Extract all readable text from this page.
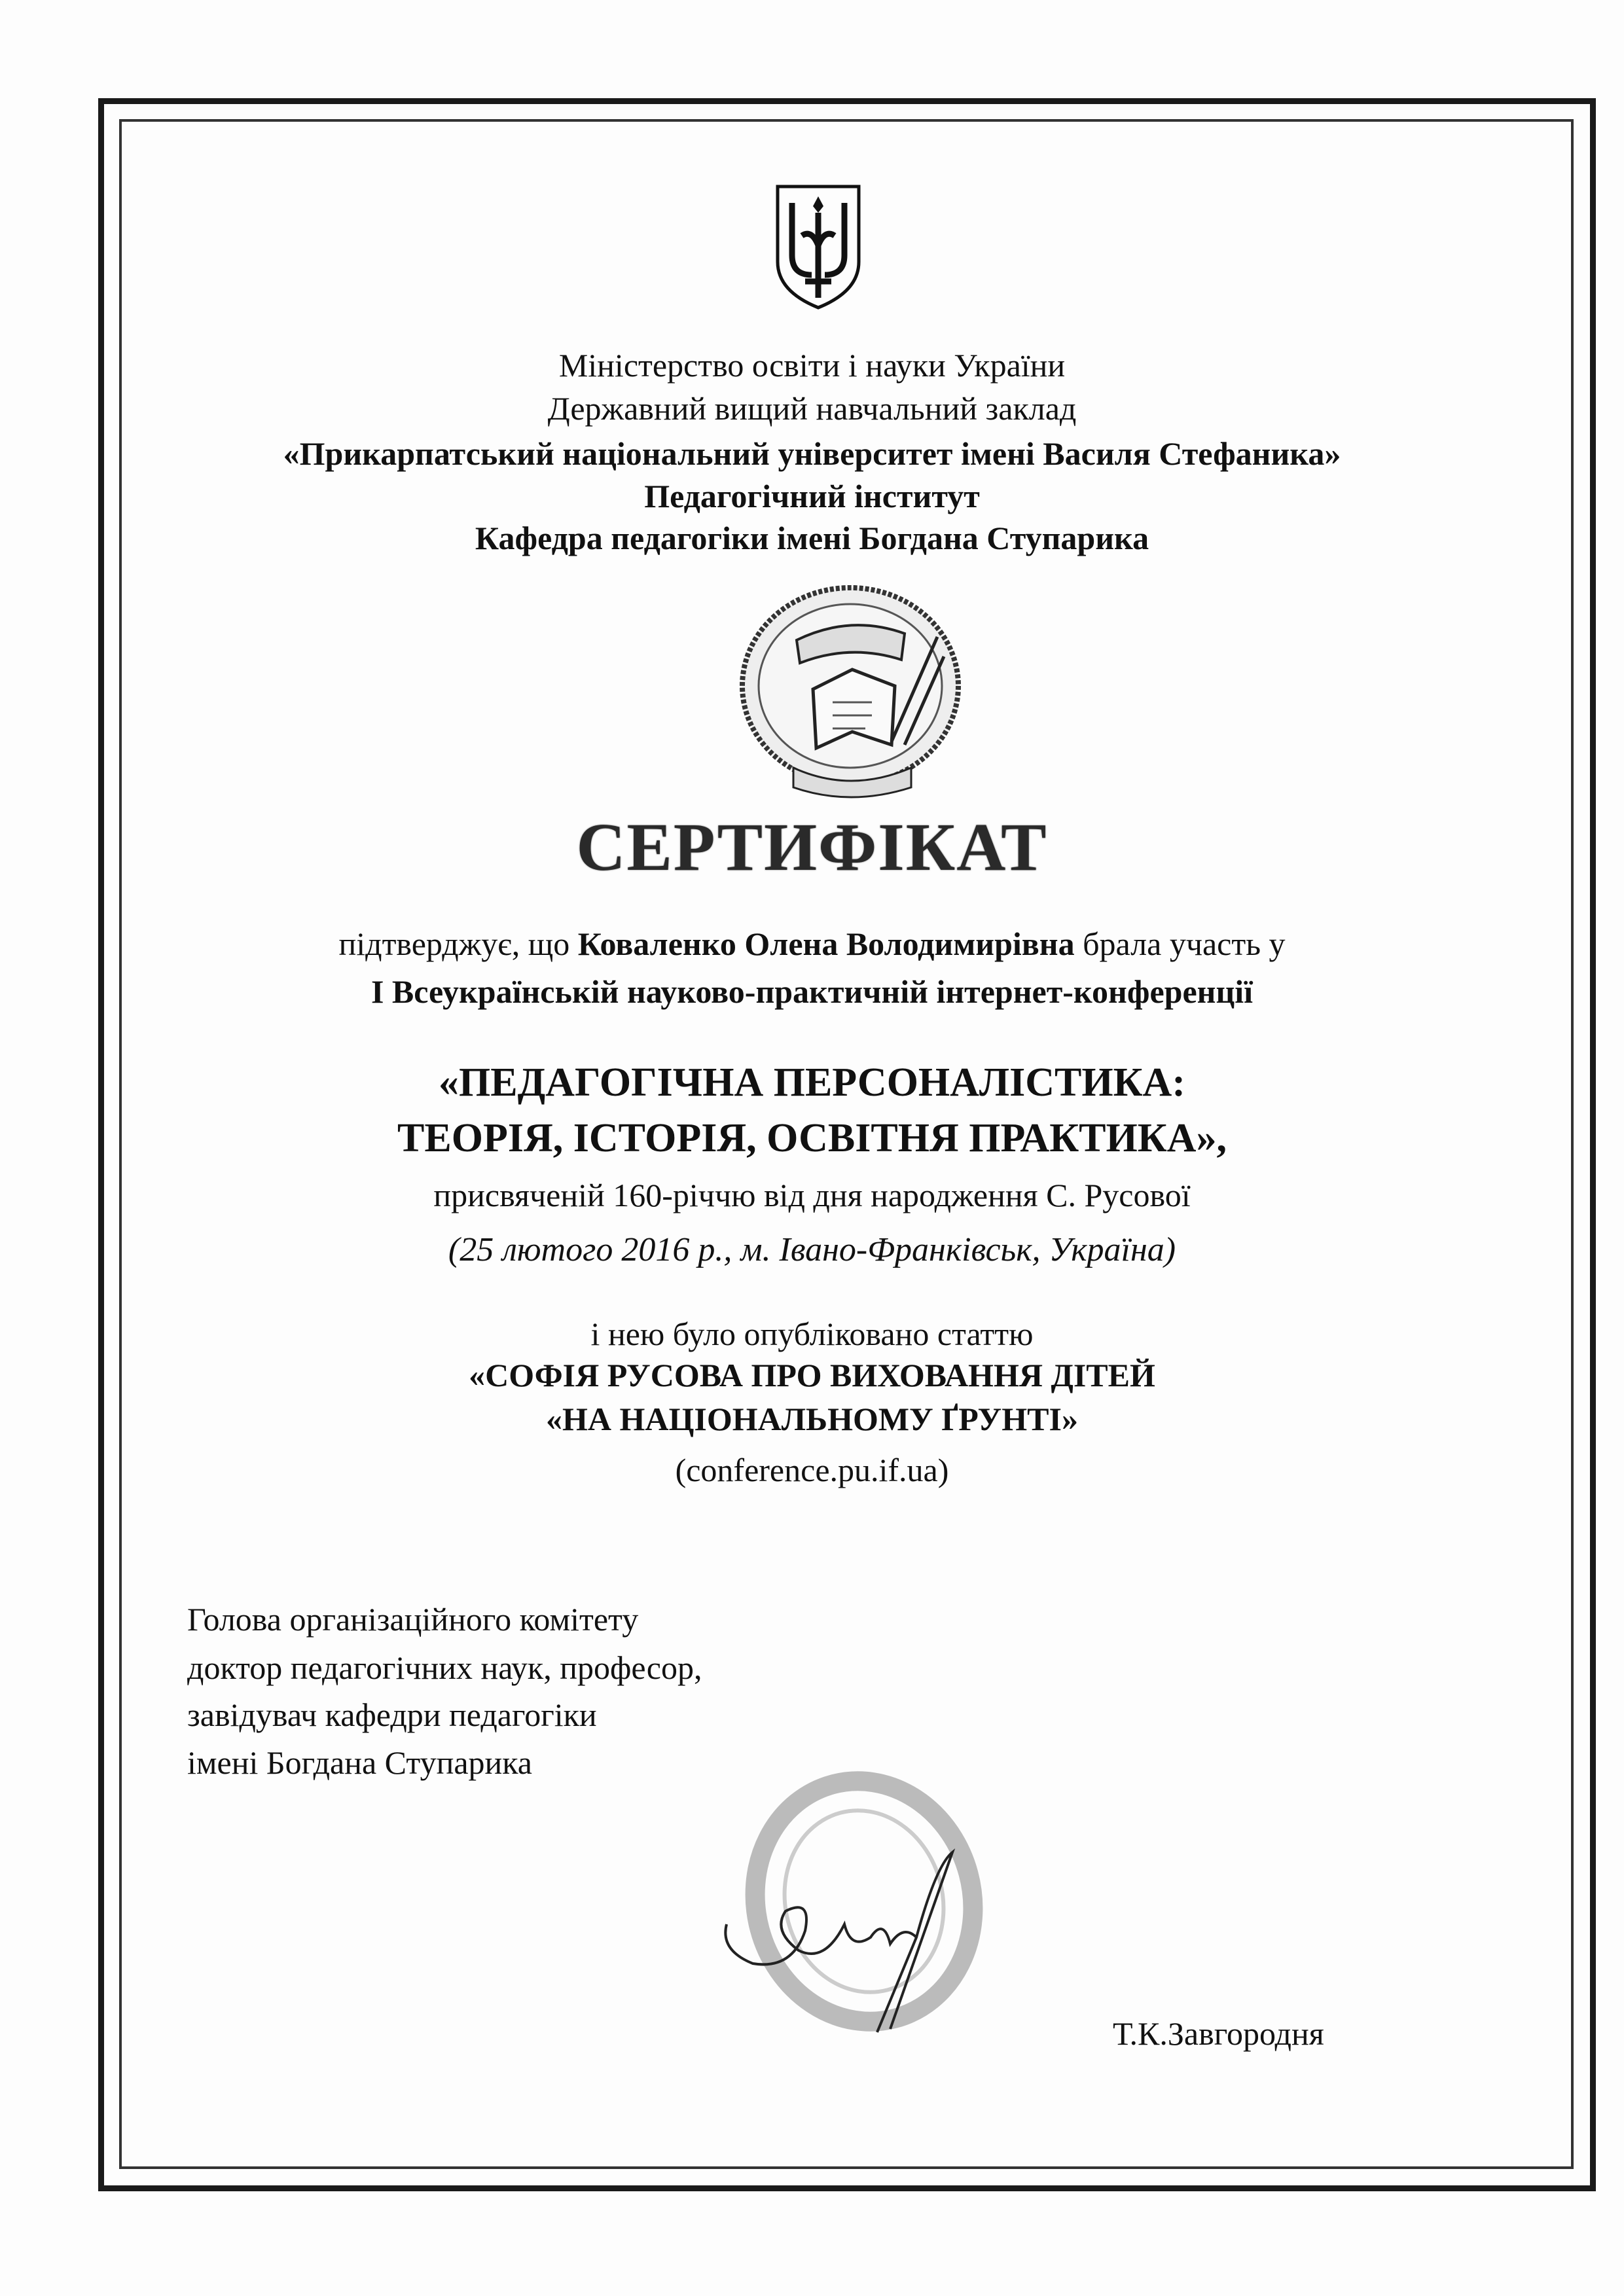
Міністерство освіти і науки України
Державний вищий навчальний заклад
«Прикарпатський національний університет імені Василя Стефаника»
Педагогічний інститут
Кафедра педагогіки імені Богдана Ступарика
СЕРТИФІКАТ
підтверджує, що Коваленко Олена Володимирівна брала участь у
І Всеукраїнській науково-практичній інтернет-конференції
«ПЕДАГОГІЧНА ПЕРСОНАЛІСТИКА:
ТЕОРІЯ, ІСТОРІЯ, ОСВІТНЯ ПРАКТИКА»,
присвяченій 160-річчю від дня народження С. Русової
(25 лютого 2016 р., м. Івано-Франківськ, Україна)
і нею було опубліковано статтю
«СОФІЯ РУСОВА ПРО ВИХОВАННЯ ДІТЕЙ
«НА НАЦІОНАЛЬНОМУ ҐРУНТІ»
(conference.pu.if.ua)
Голова організаційного комітету
доктор педагогічних наук, професор,
завідувач кафедри педагогіки
імені Богдана Ступарика
Т.К.Завгородня
